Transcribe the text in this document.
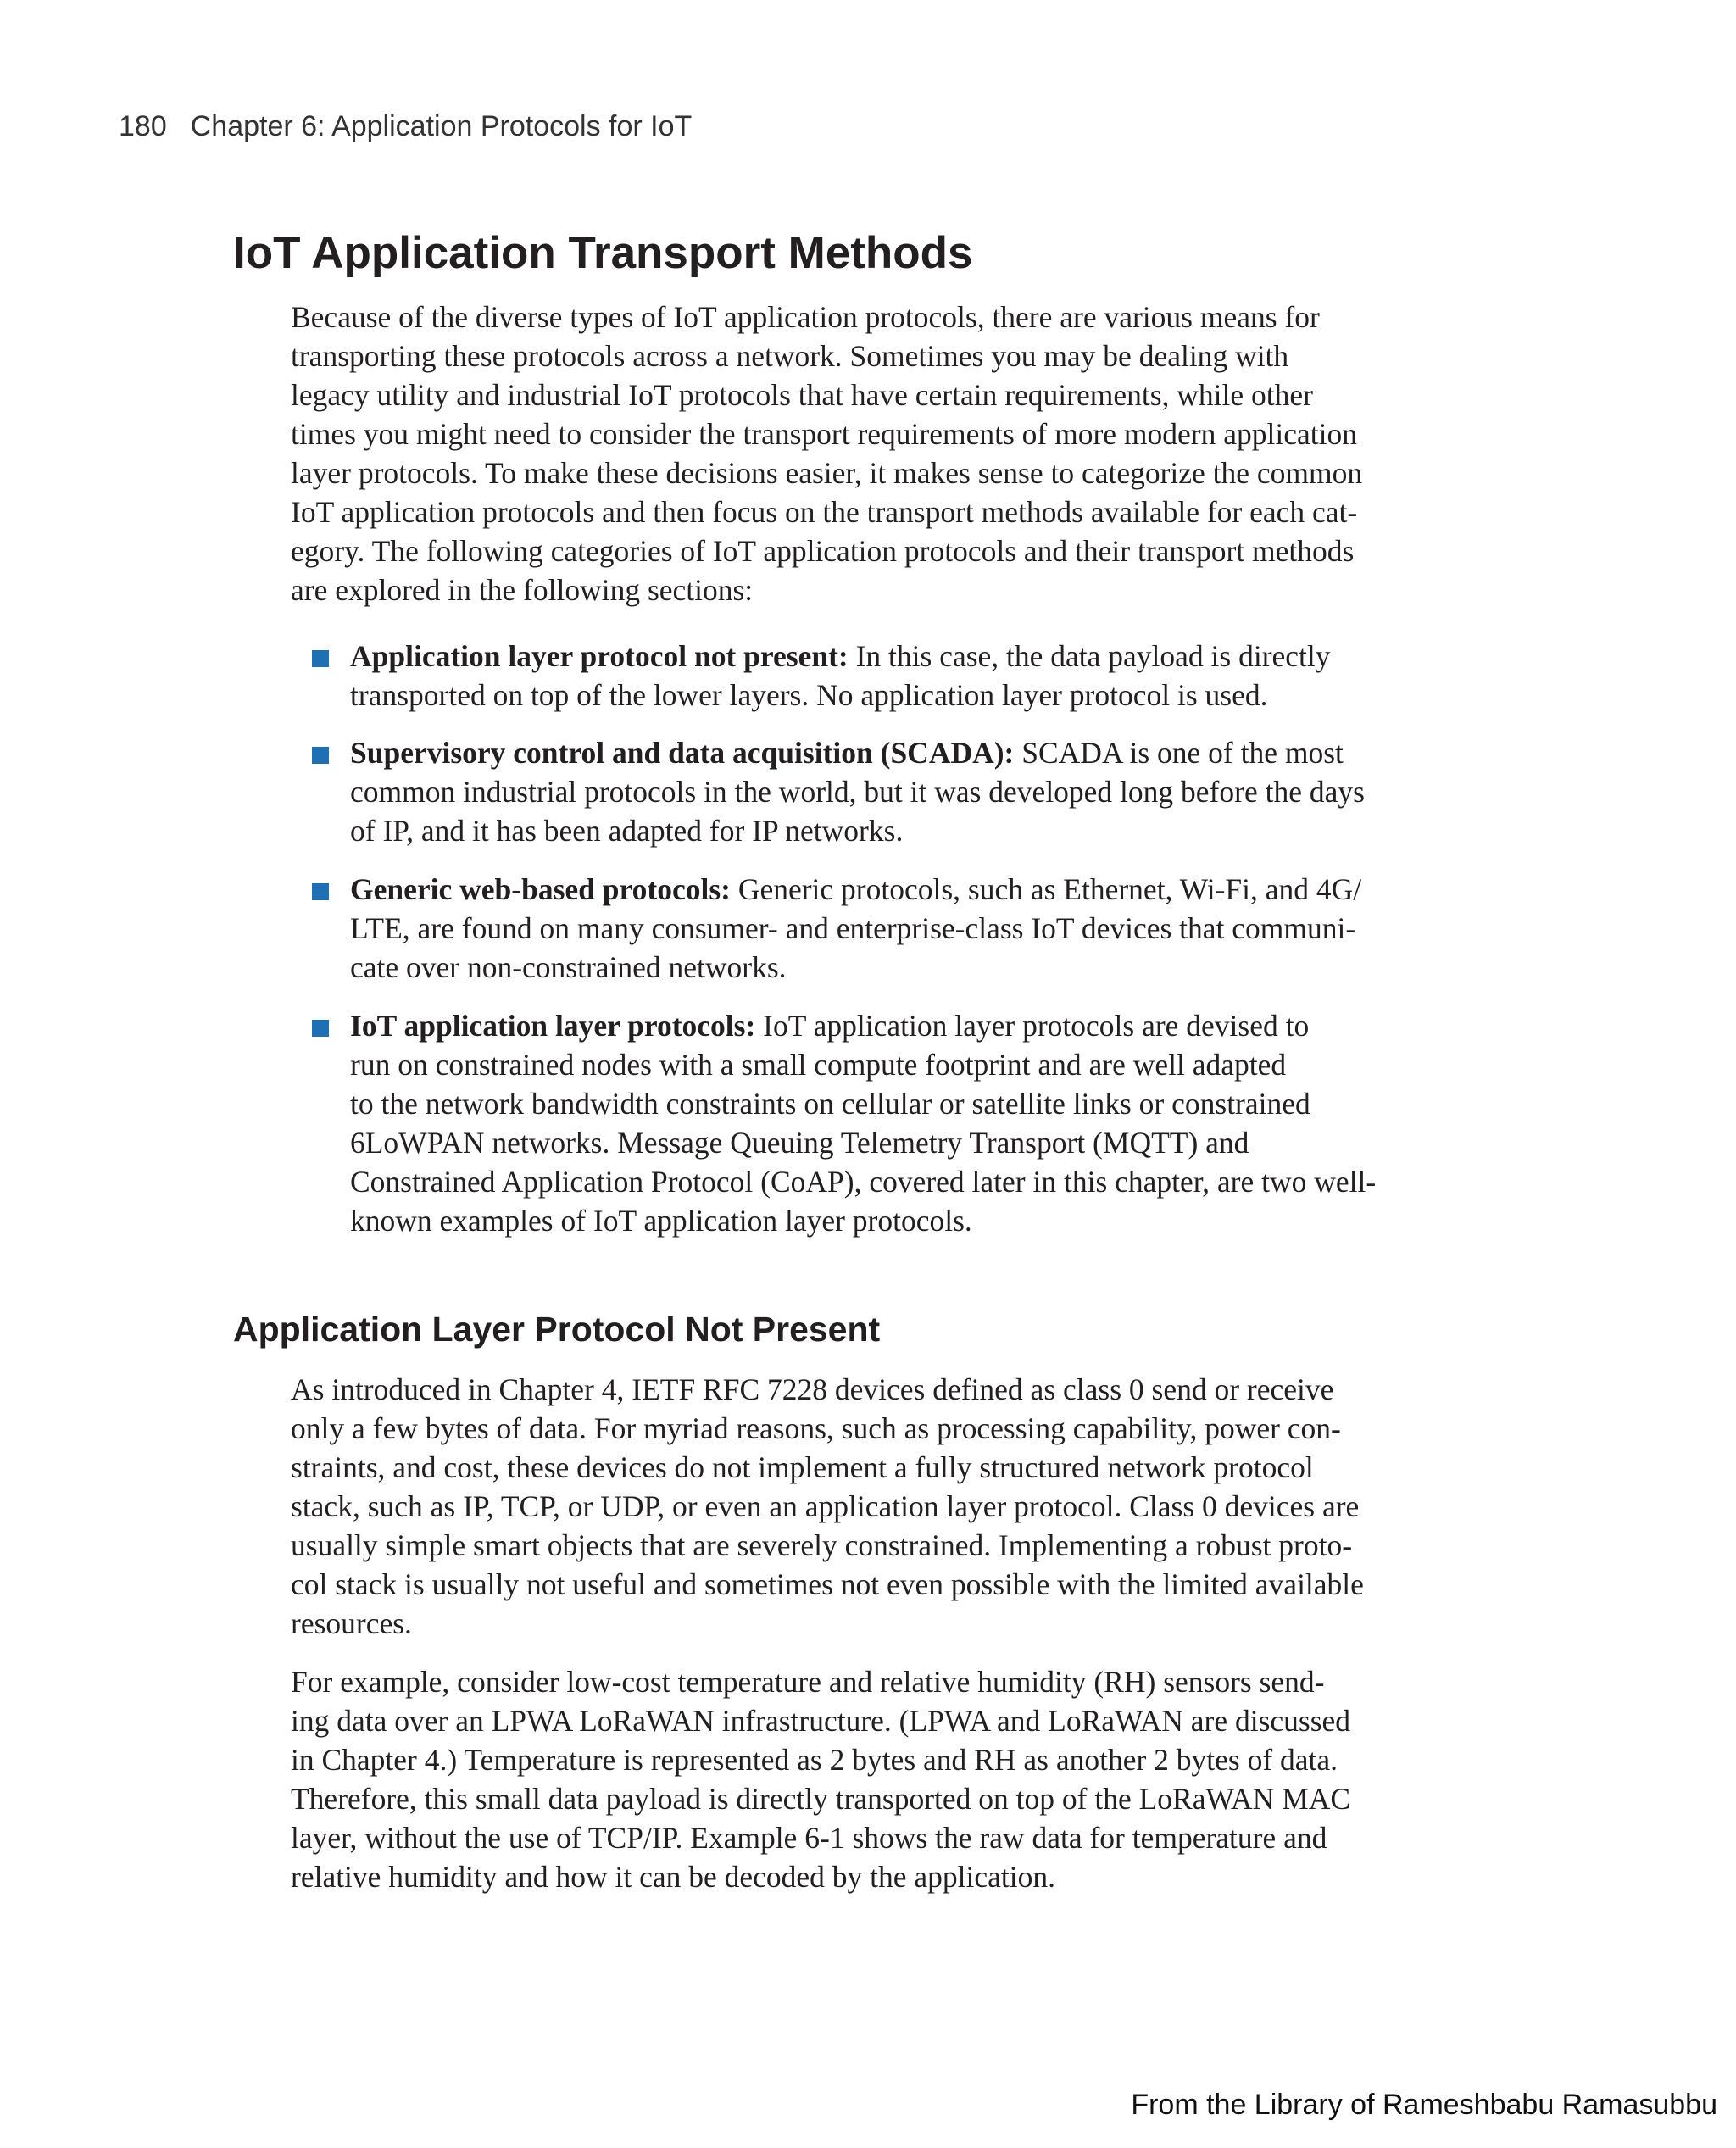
180 Chapter 6: Application Protocols for IoT
IoT Application Transport Methods
Because of the diverse types of IoT application protocols, there are various means for
transporting these protocols across a network. Sometimes you may be dealing with
legacy utility and industrial IoT protocols that have certain requirements, while other
times you might need to consider the transport requirements of more modern application
layer protocols. To make these decisions easier, it makes sense to categorize the common
IoT application protocols and then focus on the transport methods available for each cat-
egory. The following categories of IoT application protocols and their transport methods
are explored in the following sections:
Application layer protocol not present: In this case, the data payload is directly
transported on top of the lower layers. No application layer protocol is used.
Supervisory control and data acquisition (SCADA): SCADA is one of the most
common industrial protocols in the world, but it was developed long before the days
of IP, and it has been adapted for IP networks.
Generic web-based protocols: Generic protocols, such as Ethernet, Wi-Fi, and 4G/
LTE, are found on many consumer- and enterprise-class IoT devices that communi-
cate over non-constrained networks.
IoT application layer protocols: IoT application layer protocols are devised to
run on constrained nodes with a small compute footprint and are well adapted
to the network bandwidth constraints on cellular or satellite links or constrained
6LoWPAN networks. Message Queuing Telemetry Transport (MQTT) and
Constrained Application Protocol (CoAP), covered later in this chapter, are two well-
known examples of IoT application layer protocols.
Application Layer Protocol Not Present
As introduced in Chapter 4, IETF RFC 7228 devices defined as class 0 send or receive
only a few bytes of data. For myriad reasons, such as processing capability, power con-
straints, and cost, these devices do not implement a fully structured network protocol
stack, such as IP, TCP, or UDP, or even an application layer protocol. Class 0 devices are
usually simple smart objects that are severely constrained. Implementing a robust proto-
col stack is usually not useful and sometimes not even possible with the limited available
resources.
For example, consider low-cost temperature and relative humidity (RH) sensors send-
ing data over an LPWA LoRaWAN infrastructure. (LPWA and LoRaWAN are discussed
in Chapter 4.) Temperature is represented as 2 bytes and RH as another 2 bytes of data.
Therefore, this small data payload is directly transported on top of the LoRaWAN MAC
layer, without the use of TCP/IP. Example 6-1 shows the raw data for temperature and
relative humidity and how it can be decoded by the application.
From the Library of Rameshbabu Ramasubbu
